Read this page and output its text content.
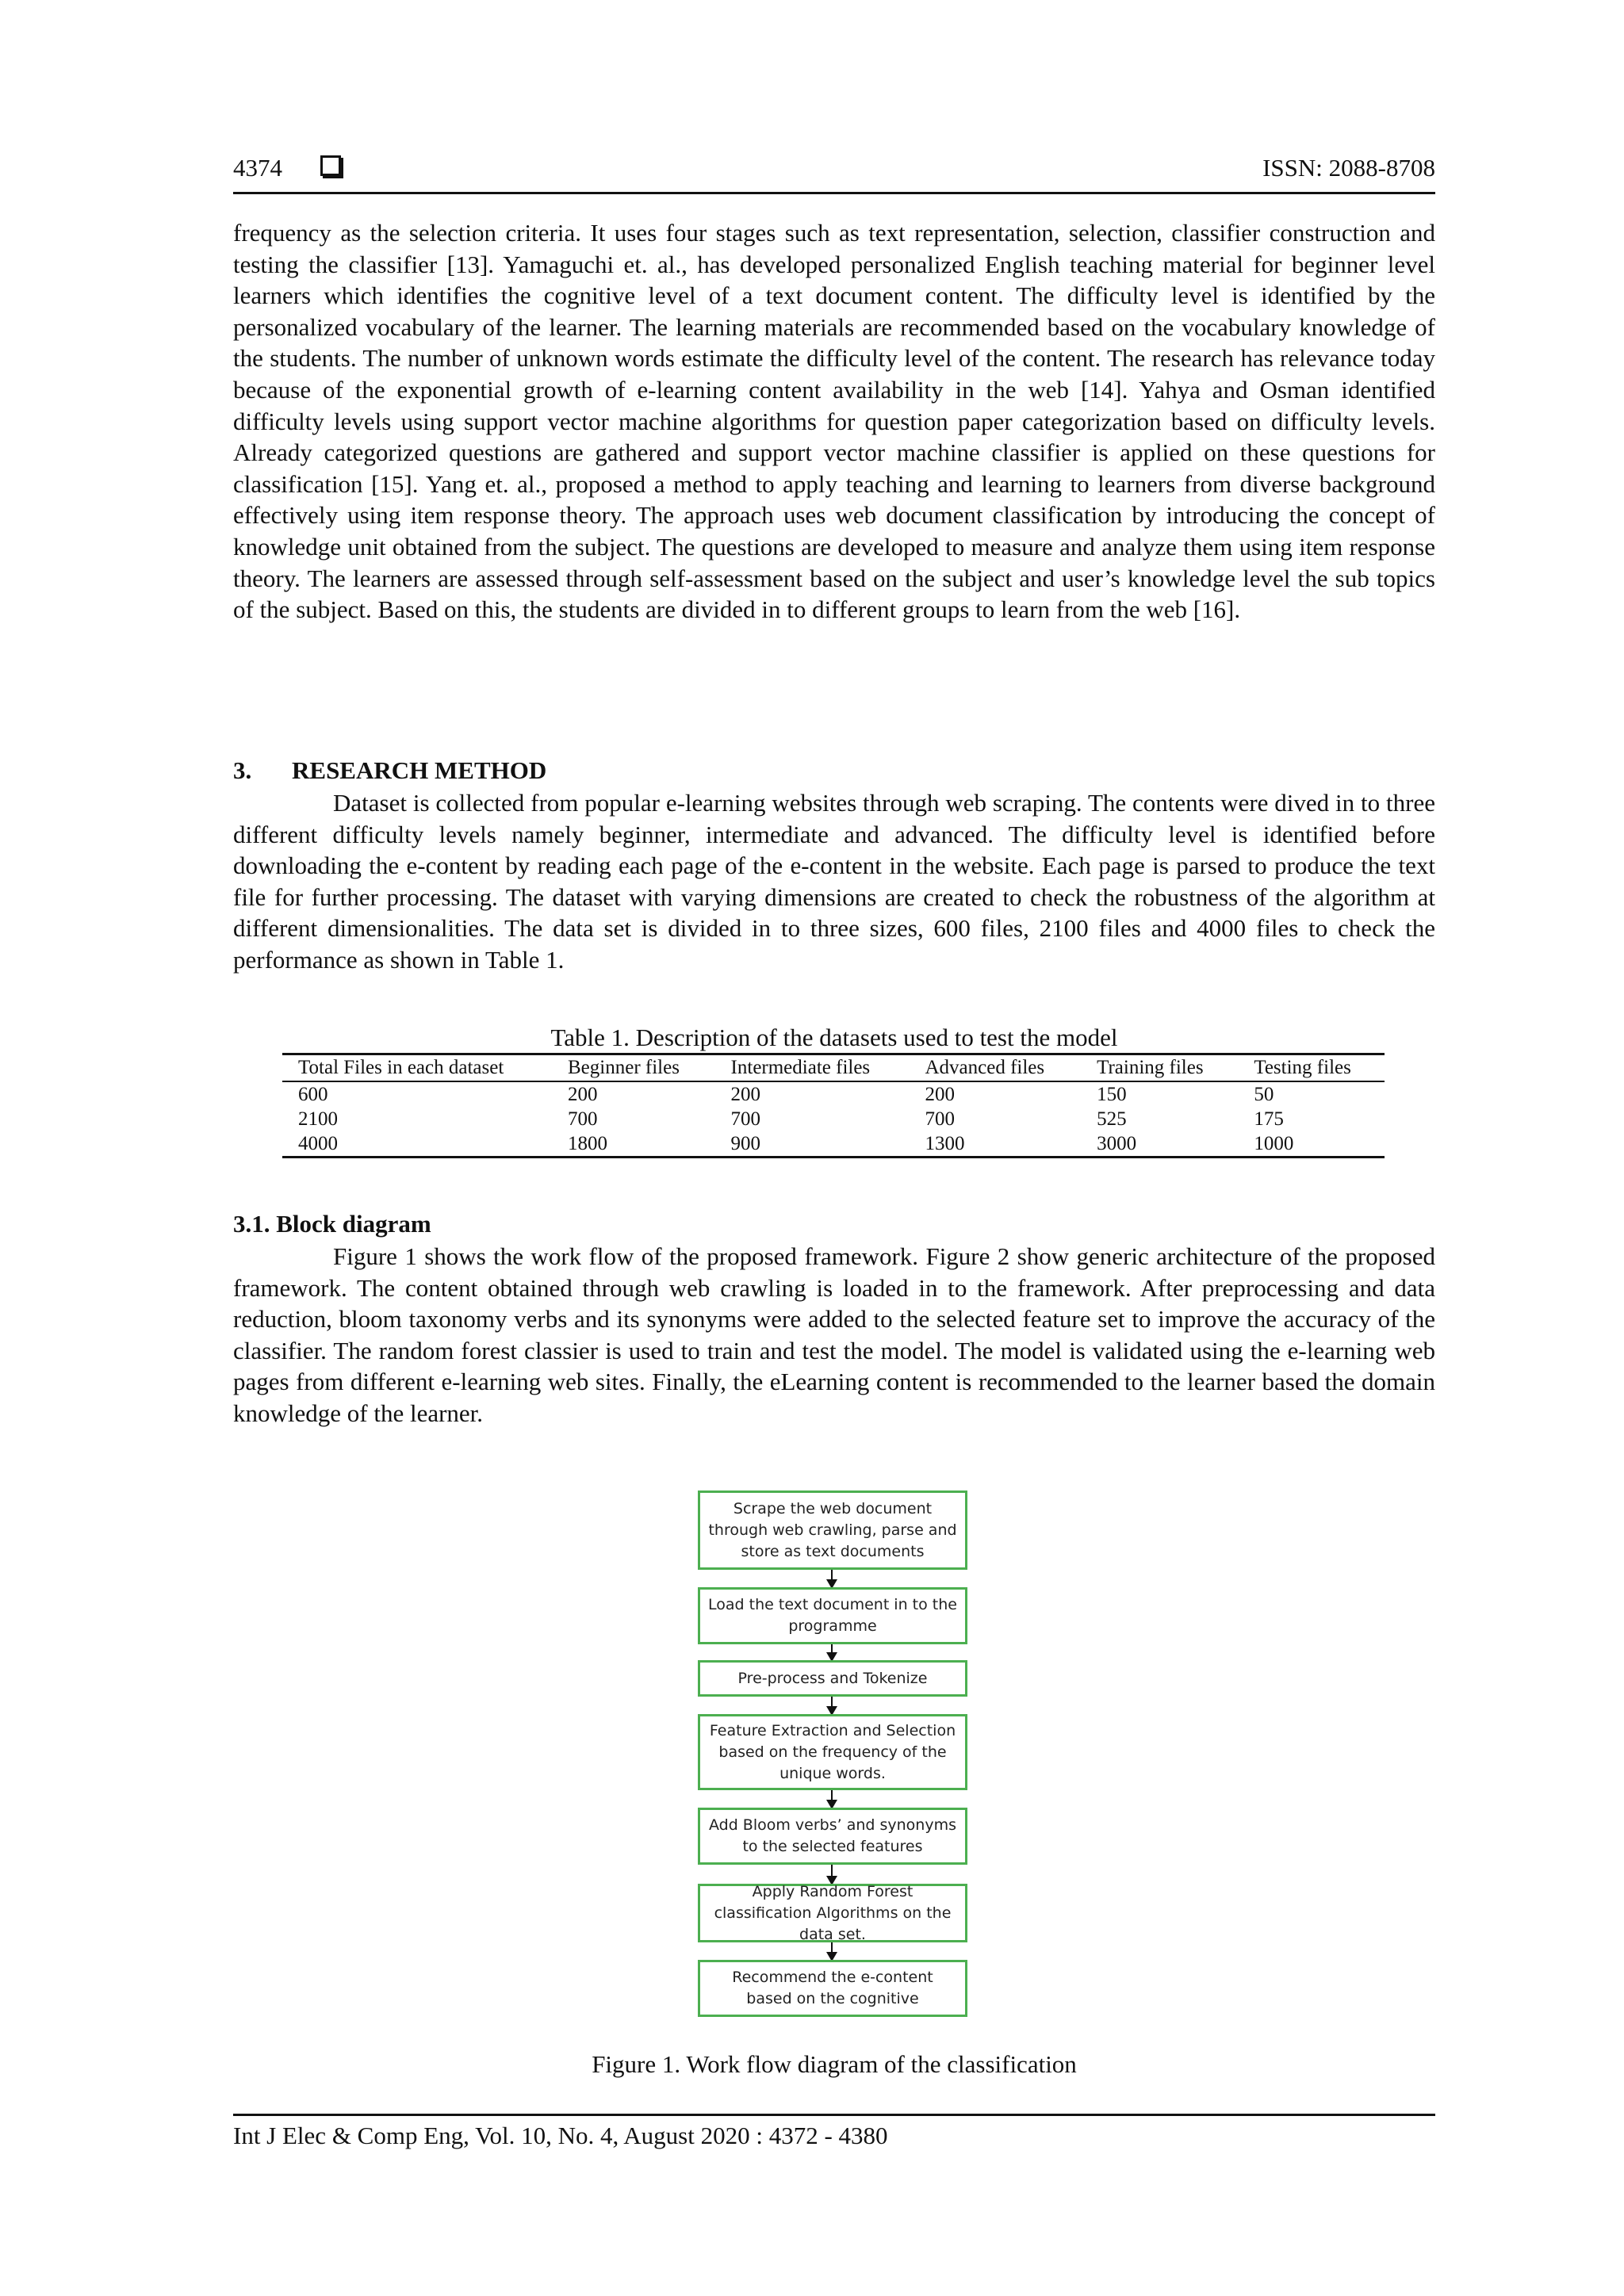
4374	ISSN: 2088-8708

frequency as the selection criteria. It uses four stages such as text representation, selection, classifier construction and testing the classifier [13]. Yamaguchi et. al., has developed personalized English teaching material for beginner level learners which identifies the cognitive level of a text document content. The difficulty level is identified by the personalized vocabulary of the learner. The learning materials are recommended based on the vocabulary knowledge of the students. The number of unknown words estimate the difficulty level of the content. The research has relevance today because of the exponential growth of e-learning content availability in the web [14]. Yahya and Osman identified difficulty levels using support vector machine algorithms for question paper categorization based on difficulty levels. Already categorized questions are gathered and support vector machine classifier is applied on these questions for classification [15]. Yang et. al., proposed a method to apply teaching and learning to learners from diverse background effectively using item response theory. The approach uses web document classification by introducing the concept of knowledge unit obtained from the subject. The questions are developed to measure and analyze them using item response theory. The learners are assessed through self-assessment based on the subject and user’s knowledge level the sub topics of the subject. Based on this, the students are divided in to different groups to learn from the web [16].

3. RESEARCH METHOD

Dataset is collected from popular e-learning websites through web scraping. The contents were dived in to three different difficulty levels namely beginner, intermediate and advanced. The difficulty level is identified before downloading the e-content by reading each page of the e-content in the website. Each page is parsed to produce the text file for further processing. The dataset with varying dimensions are created to check the robustness of the algorithm at different dimensionalities. The data set is divided in to three sizes, 600 files, 2100 files and 4000 files to check the performance as shown in Table 1.

Table 1. Description of the datasets used to test the model
Total Files in each dataset	Beginner files	Intermediate files	Advanced files	Training files	Testing files
600	200	200	200	150	50
2100	700	700	700	525	175
4000	1800	900	1300	3000	1000
3.1. Block diagram

Figure 1 shows the work flow of the proposed framework. Figure 2 show generic architecture of the proposed framework. The content obtained through web crawling is loaded in to the framework. After preprocessing and data reduction, bloom taxonomy verbs and its synonyms were added to the selected feature set to improve the accuracy of the classifier. The random forest classier is used to train and test the model. The model is validated using the e-learning web pages from different e-learning web sites. Finally, the eLearning content is recommended to the learner based the domain knowledge of the learner.

Scrape the web document through web crawling, parse and store as text documents
Load the text document in to the programme
Pre-process and Tokenize
Feature Extraction and Selection based on the frequency of the unique words.
Add Bloom verbs’ and synonyms to the selected features
Apply Random Forest classification Algorithms on the data set.
Recommend the e-content based on the cognitive
Figure 1. Work flow diagram of the classification
Int J Elec & Comp Eng, Vol. 10, No. 4, August 2020 : 4372 - 4380
